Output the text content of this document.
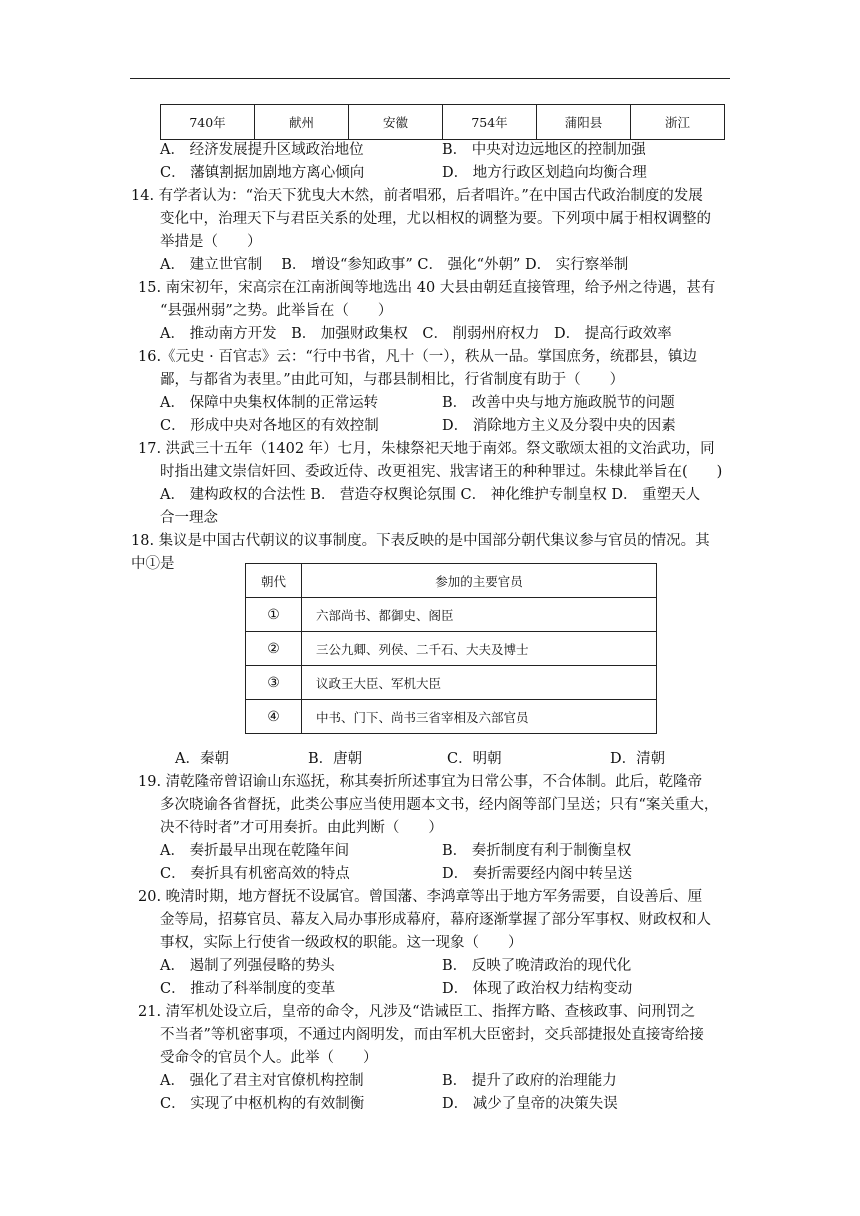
740年	献州	安徽	754年	蒲阳县	浙江
A． 经济发展提升区域政治地位	B． 中央对边远地区的控制加强
C． 藩镇割据加剧地方离心倾向	D． 地方行政区划趋向均衡合理
14. 有学者认为：“治天下犹曳大木然，前者唱邪，后者唱许。”在中国古代政治制度的发展
变化中，治理天下与君臣关系的处理，尤以相权的调整为要。下列项中属于相权调整的
举措是（　　）
A． 建立世官制　 B． 增设“参知政事” C． 强化“外朝” D． 实行察举制
15. 南宋初年，宋高宗在江南浙闽等地选出 40 大县由朝廷直接管理，给予州之待遇，甚有
“县强州弱”之势。此举旨在（　　）
A． 推动南方开发　B． 加强财政集权　C． 削弱州府权力　D． 提高行政效率
16.《元史 · 百官志》云：“行中书省，凡十（一），秩从一品。掌国庶务，统郡县，镇边
鄙，与都省为表里。”由此可知，与郡县制相比，行省制度有助于（　　）
A． 保障中央集权体制的正常运转	B． 改善中央与地方施政脱节的问题
C． 形成中央对各地区的有效控制	D． 消除地方主义及分裂中央的因素
17. 洪武三十五年（1402 年）七月，朱棣祭祀天地于南郊。祭文歌颂太祖的文治武功，同
时指出建文崇信奸回、委政近侍、改更祖宪、戕害诸王的种种罪过。朱棣此举旨在(　　)
A． 建构政权的合法性 B． 营造夺权舆论氛围 C． 神化维护专制皇权 D． 重塑天人
合一理念
18. 集议是中国古代朝议的议事制度。下表反映的是中国部分朝代集议参与官员的情况。其
中①是
朝代	参加的主要官员
①	六部尚书、都御史、阁臣
②	三公九卿、列侯、二千石、大夫及博士
③	议政王大臣、军机大臣
④	中书、门下、尚书三省宰相及六部官员
A．秦朝	B．唐朝	C．明朝	D．清朝
19. 清乾隆帝曾诏谕山东巡抚，称其奏折所述事宜为日常公事，不合体制。此后，乾隆帝
多次晓谕各省督抚，此类公事应当使用题本文书，经内阁等部门呈送；只有“案关重大，
决不待时者”才可用奏折。由此判断（　　）
A． 奏折最早出现在乾隆年间	B． 奏折制度有利于制衡皇权
C． 奏折具有机密高效的特点	D． 奏折需要经内阁中转呈送
20. 晚清时期，地方督抚不设属官。曾国藩、李鸿章等出于地方军务需要，自设善后、厘
金等局，招募官员、幕友入局办事形成幕府，幕府逐渐掌握了部分军事权、财政权和人
事权，实际上行使省一级政权的职能。这一现象（　　）
A． 遏制了列强侵略的势头	B． 反映了晚清政治的现代化
C． 推动了科举制度的变革	D． 体现了政治权力结构变动
21. 清军机处设立后，皇帝的命令，凡涉及“诰诫臣工、指挥方略、查核政事、问刑罚之
不当者”等机密事项，不通过内阁明发，而由军机大臣密封，交兵部捷报处直接寄给接
受命令的官员个人。此举（　　）
A． 强化了君主对官僚机构控制	B． 提升了政府的治理能力
C． 实现了中枢机构的有效制衡	D． 减少了皇帝的决策失误
